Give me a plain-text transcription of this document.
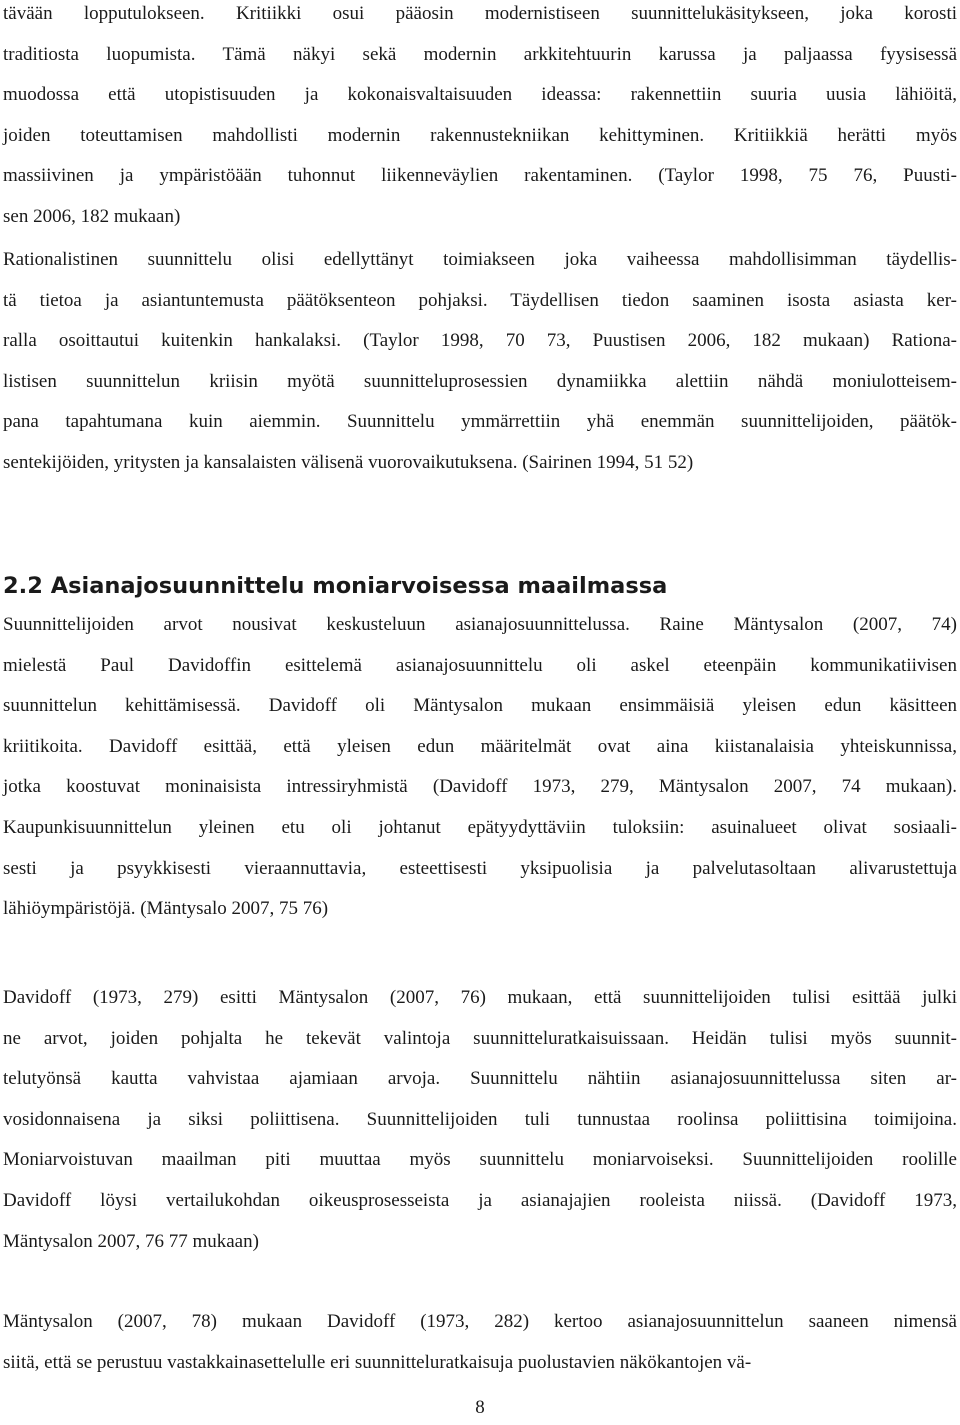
tävään lopputulokseen. Kritiikki osui pääosin modernistiseen suunnittelukäsitykseen, joka korosti
traditiosta luopumista. Tämä näkyi sekä modernin arkkitehtuurin karussa ja paljaassa fyysisessä
muodossa että utopistisuuden ja kokonaisvaltaisuuden ideassa: rakennettiin suuria uusia lähiöitä,
joiden toteuttamisen mahdollisti modernin rakennustekniikan kehittyminen. Kritiikkiä herätti myös
massiivinen ja ympäristöään tuhonnut liikenneväylien rakentaminen. (Taylor 1998, 75 76, Puusti-
sen 2006, 182 mukaan)
Rationalistinen suunnittelu olisi edellyttänyt toimiakseen joka vaiheessa mahdollisimman täydellis-
tä tietoa ja asiantuntemusta päätöksenteon pohjaksi. Täydellisen tiedon saaminen isosta asiasta ker-
ralla osoittautui kuitenkin hankalaksi. (Taylor 1998, 70 73, Puustisen 2006, 182 mukaan) Rationa-
listisen suunnittelun kriisin myötä suunnitteluprosessien dynamiikka alettiin nähdä moniulotteisem-
pana tapahtumana kuin aiemmin. Suunnittelu ymmärrettiin yhä enemmän suunnittelijoiden, päätök-
sentekijöiden, yritysten ja kansalaisten välisenä vuorovaikutuksena. (Sairinen 1994, 51 52)
2.2 Asianajosuunnittelu moniarvoisessa maailmassa
Suunnittelijoiden arvot nousivat keskusteluun asianajosuunnittelussa. Raine Mäntysalon (2007, 74)
mielestä Paul Davidoffin esittelemä asianajosuunnittelu oli askel eteenpäin kommunikatiivisen
suunnittelun kehittämisessä. Davidoff oli Mäntysalon mukaan ensimmäisiä yleisen edun käsitteen
kriitikoita. Davidoff esittää, että yleisen edun määritelmät ovat aina kiistanalaisia yhteiskunnissa,
jotka koostuvat moninaisista intressiryhmistä (Davidoff 1973, 279, Mäntysalon 2007, 74 mukaan).
Kaupunkisuunnittelun yleinen etu oli johtanut epätyydyttäviin tuloksiin: asuinalueet olivat sosiaali-
sesti ja psyykkisesti vieraannuttavia, esteettisesti yksipuolisia ja palvelutasoltaan alivarustettuja
lähiöympäristöjä. (Mäntysalo 2007, 75 76)
Davidoff (1973, 279) esitti Mäntysalon (2007, 76) mukaan, että suunnittelijoiden tulisi esittää julki
ne arvot, joiden pohjalta he tekevät valintoja suunnitteluratkaisuissaan. Heidän tulisi myös suunnit-
telutyönsä kautta vahvistaa ajamiaan arvoja. Suunnittelu nähtiin asianajosuunnittelussa siten ar-
vosidonnaisena ja siksi poliittisena. Suunnittelijoiden tuli tunnustaa roolinsa poliittisina toimijoina.
Moniarvoistuvan maailman piti muuttaa myös suunnittelu moniarvoiseksi. Suunnittelijoiden roolille
Davidoff löysi vertailukohdan oikeusprosesseista ja asianajajien rooleista niissä. (Davidoff 1973,
Mäntysalon 2007, 76 77 mukaan)
Mäntysalon (2007, 78) mukaan Davidoff (1973, 282) kertoo asianajosuunnittelun saaneen nimensä
siitä, että se perustuu vastakkainasettelulle eri suunnitteluratkaisuja puolustavien näkökantojen vä-
8
